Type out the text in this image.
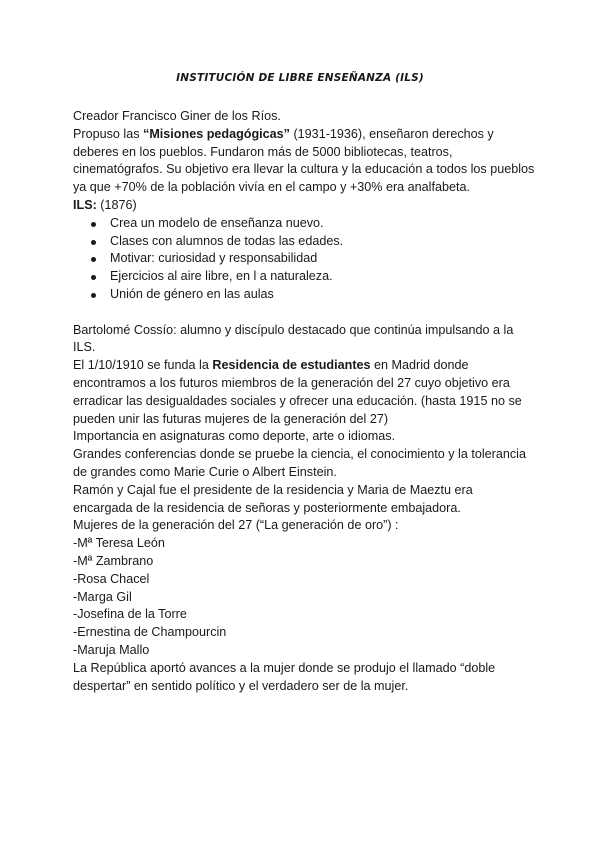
INSTITUCIÓN DE LIBRE ENSEÑANZA (ILS)

Creador Francisco Giner de los Ríos.

Propuso las “Misiones pedagógicas” (1931-1936), enseñaron derechos y deberes en los pueblos. Fundaron más de 5000 bibliotecas, teatros, cinematógrafos. Su objetivo era llevar la cultura y la educación a todos los pueblos ya que +70% de la población vivía en el campo y +30% era analfabeta.

ILS: (1876)

Crea un modelo de enseñanza nuevo.
Clases con alumnos de todas las edades.
Motivar: curiosidad y responsabilidad
Ejercicios al aire libre, en l a naturaleza.
Unión de género en las aulas

Bartolomé Cossío: alumno y discípulo destacado que continúa impulsando a la ILS.

El 1/10/1910 se funda la Residencia de estudiantes en Madrid donde encontramos a los futuros miembros de la generación del 27 cuyo objetivo era erradicar las desigualdades sociales y ofrecer una educación. (hasta 1915 no se pueden unir las futuras mujeres de la generación del 27)

Importancia en asignaturas como deporte, arte o idiomas.

Grandes conferencias donde se pruebe la ciencia, el conocimiento y la tolerancia de grandes como Marie Curie o Albert Einstein.

Ramón y Cajal fue el presidente de la residencia y Maria de Maeztu era encargada de la residencia de señoras y posteriormente embajadora.

Mujeres de la generación del 27 (“La generación de oro”) :

-Mª Teresa León

-Mª Zambrano

-Rosa Chacel

-Marga Gil

-Josefina de la Torre

-Ernestina de Champourcin

-Maruja Mallo

La República aportó avances a la mujer donde se produjo el llamado “doble despertar” en sentido político y el verdadero ser de la mujer.
